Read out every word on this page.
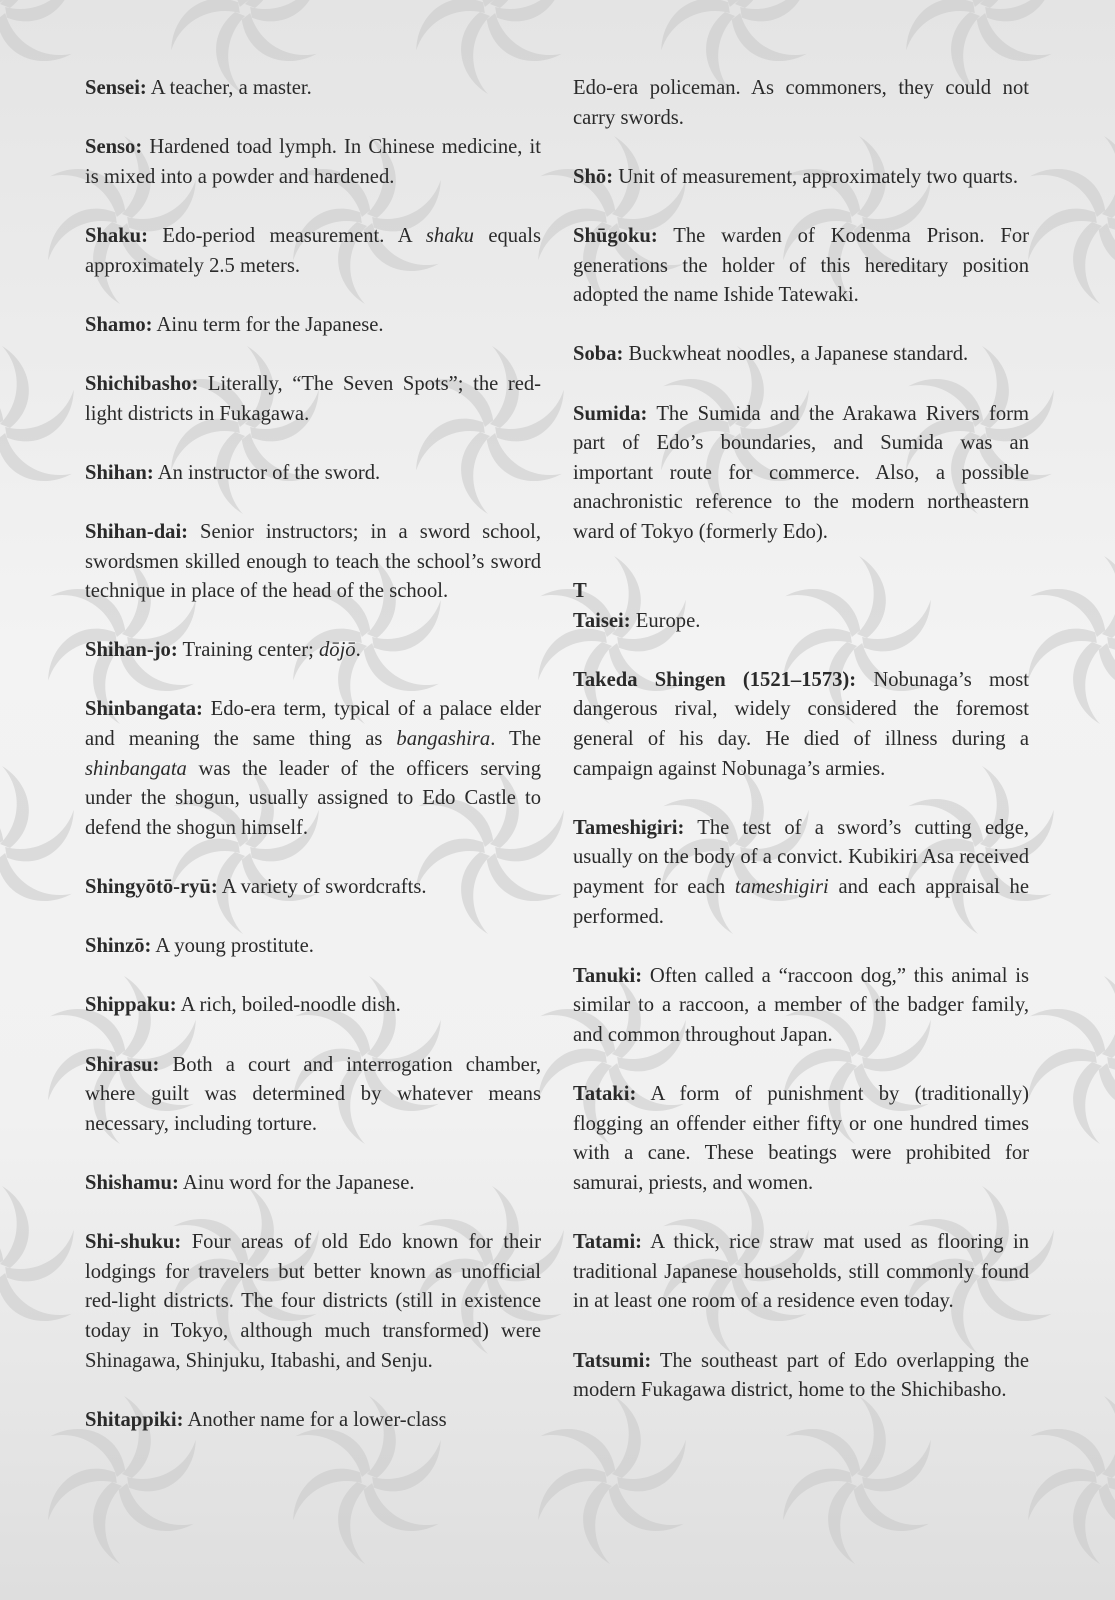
Sensei: A teacher, a master.
Senso: Hardened toad lymph. In Chinese medicine, it is mixed into a powder and hardened.
Shaku: Edo-period measurement. A shaku equals approximately 2.5 meters.
Shamo: Ainu term for the Japanese.
Shichibasho: Literally, “The Seven Spots”; the red-light districts in Fukagawa.
Shihan: An instructor of the sword.
Shihan-dai: Senior instructors; in a sword school, swordsmen skilled enough to teach the school’s sword technique in place of the head of the school.
Shihan-jo: Training center; dōjō.
Shinbangata: Edo-era term, typical of a palace elder and meaning the same thing as bangashira. The shinbangata was the leader of the officers serving under the shogun, usually assigned to Edo Castle to defend the shogun himself.
Shingyōtō-ryū: A variety of swordcrafts.
Shinzō: A young prostitute.
Shippaku: A rich, boiled-noodle dish.
Shirasu: Both a court and interrogation chamber, where guilt was determined by whatever means necessary, including torture.
Shishamu: Ainu word for the Japanese.
Shi-shuku: Four areas of old Edo known for their lodgings for travelers but better known as unofficial red-light districts. The four districts (still in existence today in Tokyo, although much transformed) were Shinagawa, Shinjuku, Itabashi, and Senju.
Shitappiki: Another name for a lower-class
Edo-era policeman. As commoners, they could not carry swords.
Shō: Unit of measurement, approximately two quarts.
Shūgoku: The warden of Kodenma Prison. For generations the holder of this hereditary position adopted the name Ishide Tatewaki.
Soba: Buckwheat noodles, a Japanese standard.
Sumida: The Sumida and the Arakawa Rivers form part of Edo’s boundaries, and Sumida was an important route for commerce. Also, a possible anachronistic reference to the modern northeastern ward of Tokyo (formerly Edo).
T
Taisei: Europe.
Takeda Shingen (1521–1573): Nobunaga’s most dangerous rival, widely considered the foremost general of his day. He died of illness during a campaign against Nobunaga’s armies.
Tameshigiri: The test of a sword’s cutting edge, usually on the body of a convict. Kubikiri Asa received payment for each tameshigiri and each appraisal he performed.
Tanuki: Often called a “raccoon dog,” this animal is similar to a raccoon, a member of the badger family, and common throughout Japan.
Tataki: A form of punishment by (traditionally) flogging an offender either fifty or one hundred times with a cane. These beatings were prohibited for samurai, priests, and women.
Tatami: A thick, rice straw mat used as flooring in traditional Japanese households, still commonly found in at least one room of a residence even today.
Tatsumi: The southeast part of Edo overlapping the modern Fukagawa district, home to the Shichibasho.
